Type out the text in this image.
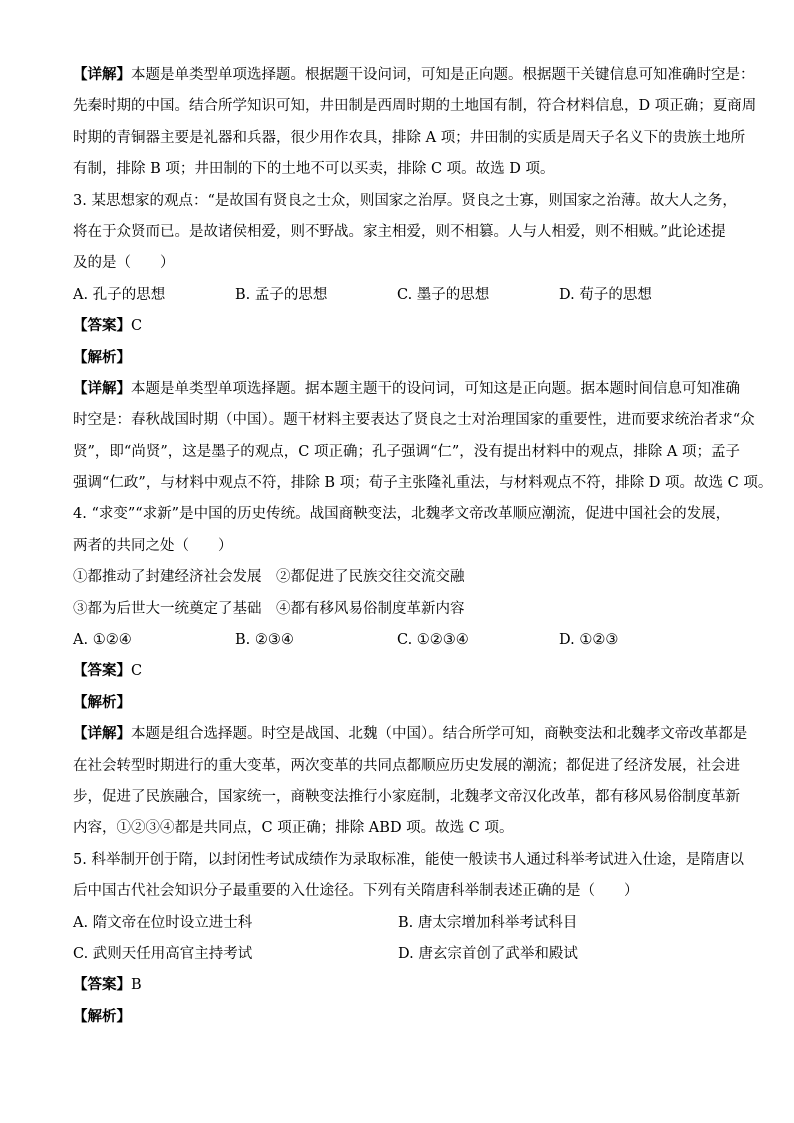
【详解】本题是单类型单项选择题。根据题干设问词，可知是正向题。根据题干关键信息可知准确时空是：
先秦时期的中国。结合所学知识可知，井田制是西周时期的土地国有制，符合材料信息，D 项正确；夏商周
时期的青铜器主要是礼器和兵器，很少用作农具，排除 A 项；井田制的实质是周天子名义下的贵族土地所
有制，排除 B 项；井田制的下的土地不可以买卖，排除 C 项。故选 D 项。
3. 某思想家的观点：“是故国有贤良之士众，则国家之治厚。贤良之士寡，则国家之治薄。故大人之务，
将在于众贤而已。是故诸侯相爱，则不野战。家主相爱，则不相篡。人与人相爱，则不相贼。”此论述提
及的是（　　）
A. 孔子的思想	B. 孟子的思想	C. 墨子的思想	D. 荀子的思想
【答案】C
【解析】
【详解】本题是单类型单项选择题。据本题主题干的设问词，可知这是正向题。据本题时间信息可知准确
时空是：春秋战国时期（中国）。题干材料主要表达了贤良之士对治理国家的重要性，进而要求统治者求“众
贤”，即“尚贤”，这是墨子的观点，C 项正确；孔子强调“仁”，没有提出材料中的观点，排除 A 项；孟子
强调“仁政”，与材料中观点不符，排除 B 项；荀子主张隆礼重法，与材料观点不符，排除 D 项。故选 C 项。
4. “求变”“求新”是中国的历史传统。战国商鞅变法，北魏孝文帝改革顺应潮流，促进中国社会的发展，
两者的共同之处（　　）
①都推动了封建经济社会发展　②都促进了民族交往交流交融
③都为后世大一统奠定了基础　④都有移风易俗制度革新内容
A. ①②④	B. ②③④	C. ①②③④	D. ①②③
【答案】C
【解析】
【详解】本题是组合选择题。时空是战国、北魏（中国）。结合所学可知，商鞅变法和北魏孝文帝改革都是
在社会转型时期进行的重大变革，两次变革的共同点都顺应历史发展的潮流；都促进了经济发展，社会进
步，促进了民族融合，国家统一，商鞅变法推行小家庭制，北魏孝文帝汉化改革，都有移风易俗制度革新
内容，①②③④都是共同点，C 项正确；排除 ABD 项。故选 C 项。
5. 科举制开创于隋，以封闭性考试成绩作为录取标准，能使一般读书人通过科举考试进入仕途，是隋唐以
后中国古代社会知识分子最重要的入仕途径。下列有关隋唐科举制表述正确的是（　　）
A. 隋文帝在位时设立进士科	B. 唐太宗增加科举考试科目
C. 武则天任用高官主持考试	D. 唐玄宗首创了武举和殿试
【答案】B
【解析】
